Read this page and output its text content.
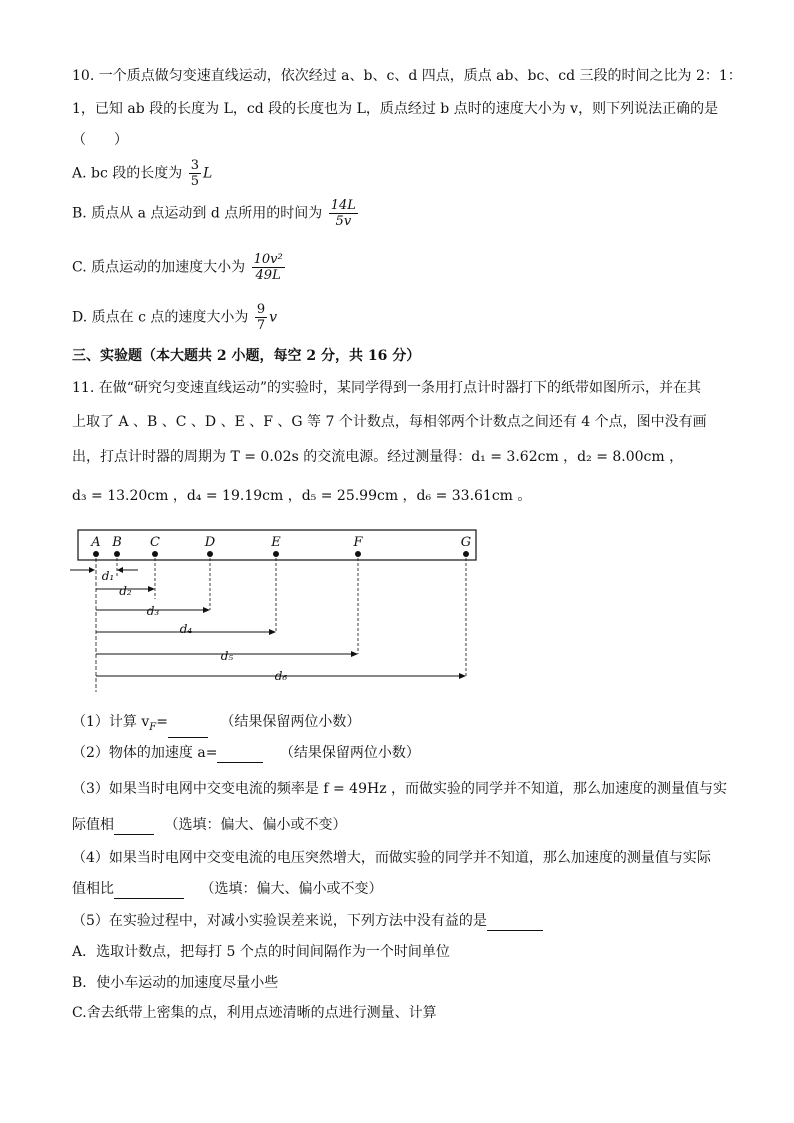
10. 一个质点做匀变速直线运动，依次经过 a、b、c、d 四点，质点 ab、bc、cd 三段的时间之比为 2：1：
1，已知 ab 段的长度为 L，cd 段的长度也为 L，质点经过 b 点时的速度大小为 v，则下列说法正确的是
（　　）
A. bc 段的长度为 $\frac{3}{5}$ L
B. 质点从 a 点运动到 d 点所用的时间为 $\frac{14L}{5v}$
C. 质点运动的加速度大小为 $\frac{\text{10v²}}{49L}$
D. 质点在 c 点的速度大小为 $\frac{9}{7}$ v
三、实验题（本大题共 2 小题，每空 2 分，共 16 分）
11. 在做“研究匀变速直线运动”的实验时，某同学得到一条用打点计时器打下的纸带如图所示，并在其
上取了 A 、B 、C 、D 、E 、F 、G 等 7 个计数点，每相邻两个计数点之间还有 4 个点，图中没有画
出，打点计时器的周期为 T = 0.02s 的交流电源。经过测量得：d₁ = 3.62cm ，d₂ = 8.00cm ，
d₃ = 13.20cm ，d₄ = 19.19cm ，d₅ = 25.99cm ，d₆ = 33.61cm 。
A B C	D	E	F	G
d₁
d₂
d₃
d₄
d₅
d₆
（1）计算 $v_F=$	（结果保留两位小数）
（2）物体的加速度 a=	（结果保留两位小数）
（3）如果当时电网中交变电流的频率是 f = 49Hz ，而做实验的同学并不知道，那么加速度的测量值与实
际值相	（选填：偏大、偏小或不变）
（4）如果当时电网中交变电流的电压突然增大，而做实验的同学并不知道，那么加速度的测量值与实际
值相比	（选填：偏大、偏小或不变）
（5）在实验过程中，对减小实验误差来说，下列方法中没有益的是
A．选取计数点，把每打 5 个点的时间间隔作为一个时间单位
B．使小车运动的加速度尽量小些
C.舍去纸带上密集的点，利用点迹清晰的点进行测量、计算
